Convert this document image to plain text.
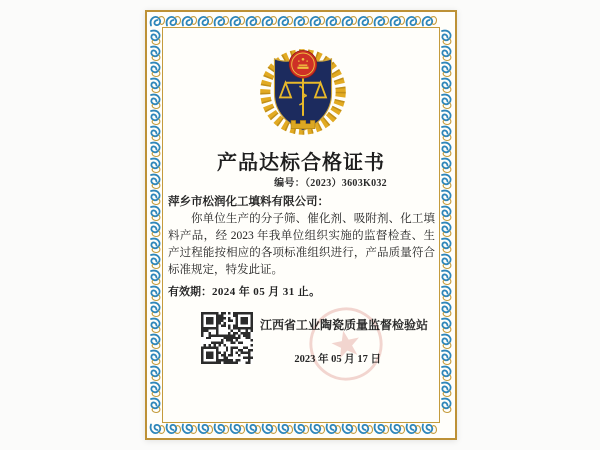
产品达标合格证书
编号：（2023）3603K032
萍乡市松润化工填料有限公司：

你单位生产的分子筛、催化剂、吸附剂、化工填料产品，经 2023 年我单位组织实施的监督检查、生产过程能按相应的各项标准组织进行，产品质量符合标准规定，特发此证。

有效期：2024 年 05 月 31 止。
江西省工业陶瓷质量监督检验站
2023 年 05 月 17 日
